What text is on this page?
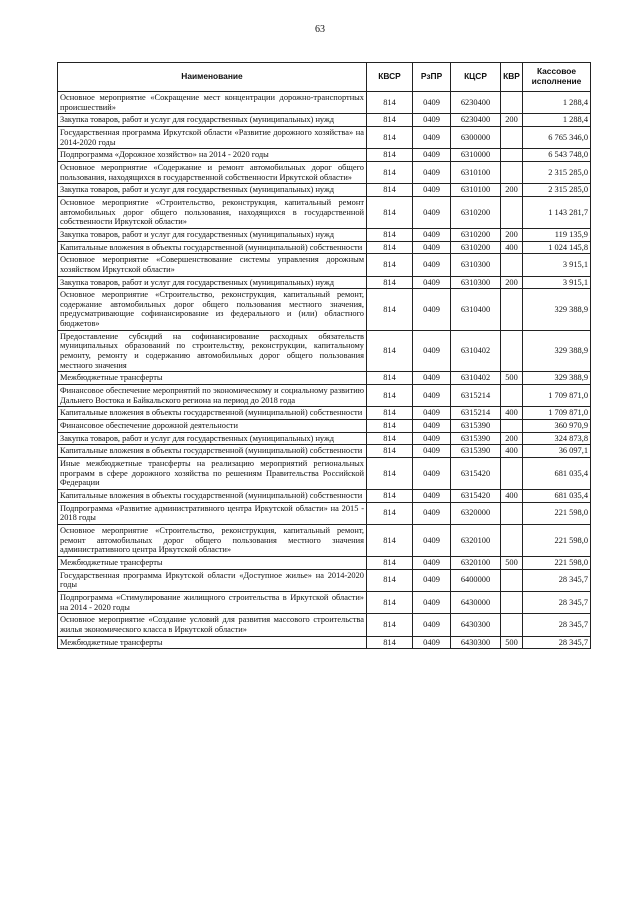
63
Наименование	КВСР	РзПР	КЦСР	КВР	Кассовое исполнение
Основное мероприятие «Сокращение мест концентрации дорожно-транспортных происшествий»	814	0409	6230400		1 288,4
Закупка товаров, работ и услуг для государственных (муниципальных) нужд	814	0409	6230400	200	1 288,4
Государственная программа Иркутской области «Развитие дорожного хозяйства» на 2014-2020 годы	814	0409	6300000		6 765 346,0
Подпрограмма «Дорожное хозяйство» на 2014 - 2020 годы	814	0409	6310000		6 543 748,0
Основное мероприятие «Содержание и ремонт автомобильных дорог общего пользования, находящихся в государственной собственности Иркутской области»	814	0409	6310100		2 315 285,0
Закупка товаров, работ и услуг для государственных (муниципальных) нужд	814	0409	6310100	200	2 315 285,0
Основное мероприятие «Строительство, реконструкция, капитальный ремонт автомобильных дорог общего пользования, находящихся в государственной собственности Иркутской области»	814	0409	6310200		1 143 281,7
Закупка товаров, работ и услуг для государственных (муниципальных) нужд	814	0409	6310200	200	119 135,9
Капитальные вложения в объекты государственной (муниципальной) собственности	814	0409	6310200	400	1 024 145,8
Основное мероприятие «Совершенствование системы управления дорожным хозяйством Иркутской области»	814	0409	6310300		3 915,1
Закупка товаров, работ и услуг для государственных (муниципальных) нужд	814	0409	6310300	200	3 915,1
Основное мероприятие «Строительство, реконструкция, капитальный ремонт, содержание автомобильных дорог общего пользования местного значения, предусматривающие софинансирование из федерального и (или) областного бюджетов»	814	0409	6310400		329 388,9
Предоставление субсидий на софинансирование расходных обязательств муниципальных образований по строительству, реконструкции, капитальному ремонту, ремонту и содержанию автомобильных дорог общего пользования местного значения	814	0409	6310402		329 388,9
Межбюджетные трансферты	814	0409	6310402	500	329 388,9
Финансовое обеспечение мероприятий по экономическому и социальному развитию Дальнего Востока и Байкальского региона на период до 2018 года	814	0409	6315214		1 709 871,0
Капитальные вложения в объекты государственной (муниципальной) собственности	814	0409	6315214	400	1 709 871,0
Финансовое обеспечение дорожной деятельности	814	0409	6315390		360 970,9
Закупка товаров, работ и услуг для государственных (муниципальных) нужд	814	0409	6315390	200	324 873,8
Капитальные вложения в объекты государственной (муниципальной) собственности	814	0409	6315390	400	36 097,1
Иные межбюджетные трансферты на реализацию мероприятий региональных программ в сфере дорожного хозяйства по решениям Правительства Российской Федерации	814	0409	6315420		681 035,4
Капитальные вложения в объекты государственной (муниципальной) собственности	814	0409	6315420	400	681 035,4
Подпрограмма «Развитие административного центра Иркутской области» на 2015 - 2018 годы	814	0409	6320000		221 598,0
Основное мероприятие «Строительство, реконструкция, капитальный ремонт, ремонт автомобильных дорог общего пользования местного значения административного центра Иркутской области»	814	0409	6320100		221 598,0
Межбюджетные трансферты	814	0409	6320100	500	221 598,0
Государственная программа Иркутской области «Доступное жилье» на 2014-2020 годы	814	0409	6400000		28 345,7
Подпрограмма «Стимулирование жилищного строительства в Иркутской области» на 2014 - 2020 годы	814	0409	6430000		28 345,7
Основное мероприятие «Создание условий для развития массового строительства жилья экономического класса в Иркутской области»	814	0409	6430300		28 345,7
Межбюджетные трансферты	814	0409	6430300	500	28 345,7
